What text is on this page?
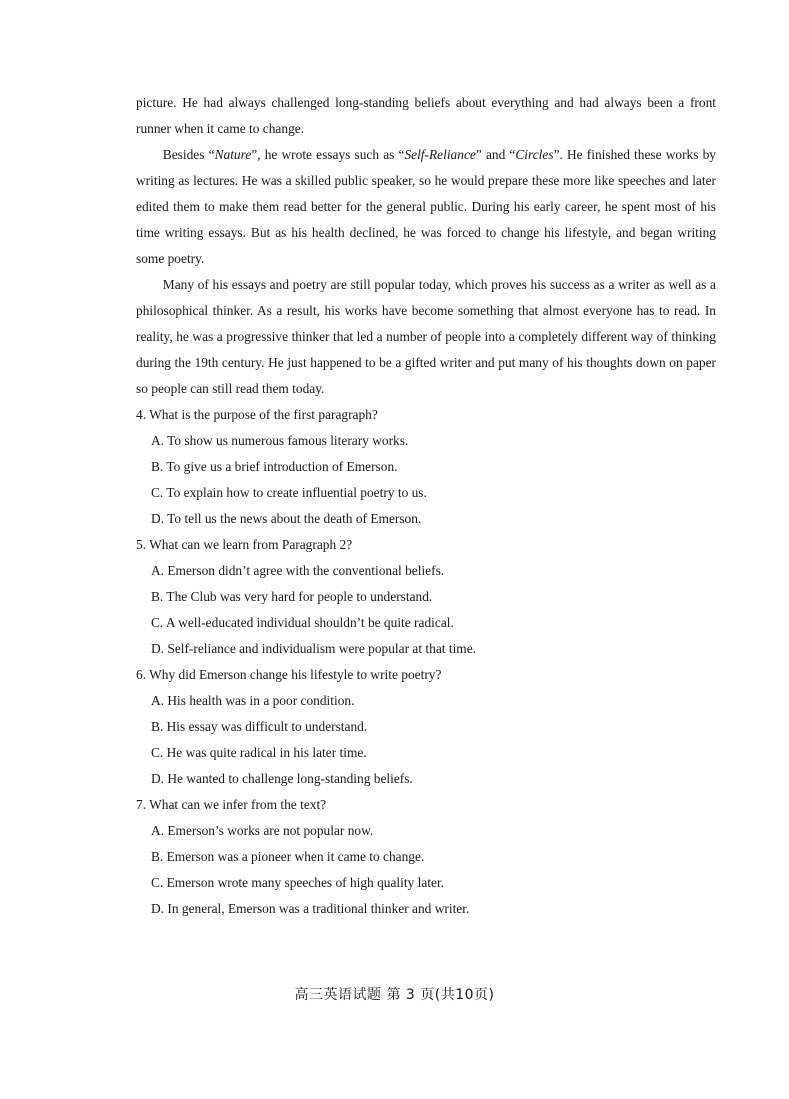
picture. He had always challenged long-standing beliefs about everything and had always been a front runner when it came to change.

Besides “Nature”, he wrote essays such as “Self-Reliance” and “Circles”. He finished these works by writing as lectures. He was a skilled public speaker, so he would prepare these more like speeches and later edited them to make them read better for the general public. During his early career, he spent most of his time writing essays. But as his health declined, he was forced to change his lifestyle, and began writing some poetry.

Many of his essays and poetry are still popular today, which proves his success as a writer as well as a philosophical thinker. As a result, his works have become something that almost everyone has to read. In reality, he was a progressive thinker that led a number of people into a completely different way of thinking during the 19th century. He just happened to be a gifted writer and put many of his thoughts down on paper so people can still read them today.

4. What is the purpose of the first paragraph?

A. To show us numerous famous literary works.

B. To give us a brief introduction of Emerson.

C. To explain how to create influential poetry to us.

D. To tell us the news about the death of Emerson.

5. What can we learn from Paragraph 2?

A. Emerson didn’t agree with the conventional beliefs.

B. The Club was very hard for people to understand.

C. A well-educated individual shouldn’t be quite radical.

D. Self-reliance and individualism were popular at that time.

6. Why did Emerson change his lifestyle to write poetry?

A. His health was in a poor condition.

B. His essay was difficult to understand.

C. He was quite radical in his later time.

D. He wanted to challenge long-standing beliefs.

7. What can we infer from the text?

A. Emerson’s works are not popular now.

B. Emerson was a pioneer when it came to change.

C. Emerson wrote many speeches of high quality later.

D. In general, Emerson was a traditional thinker and writer.

高三英语试题 第 3 页(共10页)
